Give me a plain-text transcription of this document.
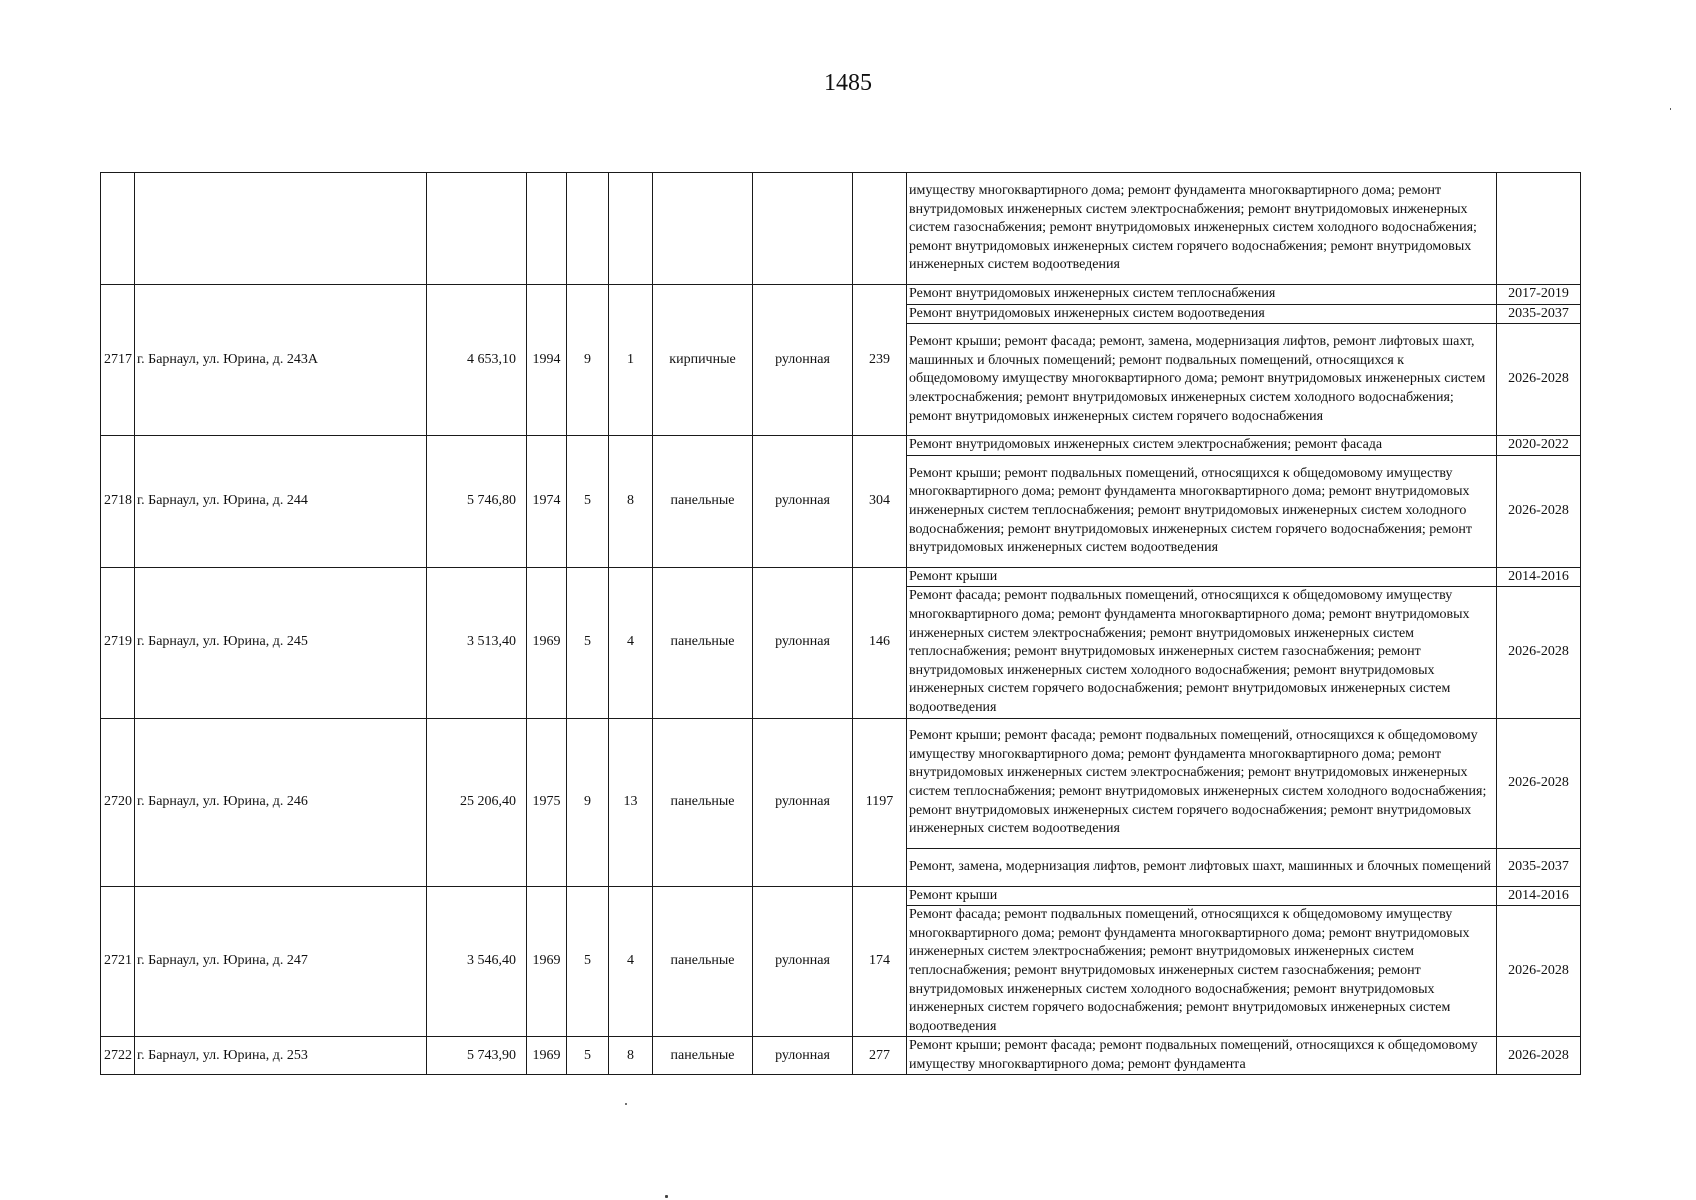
1485
									имуществу многоквартирного дома; ремонт фундамента многоквартирного дома; ремонт внутридомовых инженерных систем электроснабжения; ремонт внутридомовых инженерных систем газоснабжения; ремонт внутридомовых инженерных систем холодного водоснабжения; ремонт внутридомовых инженерных систем горячего водоснабжения; ремонт внутридомовых инженерных систем водоотведения	
2717	г. Барнаул, ул. Юрина, д. 243А	4 653,10	1994	9	1	кирпичные	рулонная	239	Ремонт внутридомовых инженерных систем теплоснабжения	2017-2019
									Ремонт внутридомовых инженерных систем водоотведения	2035-2037
									Ремонт крыши; ремонт фасада; ремонт, замена, модернизация лифтов, ремонт лифтовых шахт, машинных и блочных помещений; ремонт подвальных помещений, относящихся к общедомовому имуществу многоквартирного дома; ремонт внутридомовых инженерных систем электроснабжения; ремонт внутридомовых инженерных систем холодного водоснабжения; ремонт внутридомовых инженерных систем горячего водоснабжения	2026-2028
2718	г. Барнаул, ул. Юрина, д. 244	5 746,80	1974	5	8	панельные	рулонная	304	Ремонт внутридомовых инженерных систем электроснабжения; ремонт фасада	2020-2022
									Ремонт крыши; ремонт подвальных помещений, относящихся к общедомовому имуществу многоквартирного дома; ремонт фундамента многоквартирного дома; ремонт внутридомовых инженерных систем теплоснабжения; ремонт внутридомовых инженерных систем холодного водоснабжения; ремонт внутридомовых инженерных систем горячего водоснабжения; ремонт внутридомовых инженерных систем водоотведения	2026-2028
2719	г. Барнаул, ул. Юрина, д. 245	3 513,40	1969	5	4	панельные	рулонная	146	Ремонт крыши	2014-2016
									Ремонт фасада; ремонт подвальных помещений, относящихся к общедомовому имуществу многоквартирного дома; ремонт фундамента многоквартирного дома; ремонт внутридомовых инженерных систем электроснабжения; ремонт внутридомовых инженерных систем теплоснабжения; ремонт внутридомовых инженерных систем газоснабжения; ремонт внутридомовых инженерных систем холодного водоснабжения; ремонт внутридомовых инженерных систем горячего водоснабжения; ремонт внутридомовых инженерных систем водоотведения	2026-2028
2720	г. Барнаул, ул. Юрина, д. 246	25 206,40	1975	9	13	панельные	рулонная	1197	Ремонт крыши; ремонт фасада; ремонт подвальных помещений, относящихся к общедомовому имуществу многоквартирного дома; ремонт фундамента многоквартирного дома; ремонт внутридомовых инженерных систем электроснабжения; ремонт внутридомовых инженерных систем теплоснабжения; ремонт внутридомовых инженерных систем холодного водоснабжения; ремонт внутридомовых инженерных систем горячего водоснабжения; ремонт внутридомовых инженерных систем водоотведения	2026-2028
									Ремонт, замена, модернизация лифтов, ремонт лифтовых шахт, машинных и блочных помещений	2035-2037
2721	г. Барнаул, ул. Юрина, д. 247	3 546,40	1969	5	4	панельные	рулонная	174	Ремонт крыши	2014-2016
									Ремонт фасада; ремонт подвальных помещений, относящихся к общедомовому имуществу многоквартирного дома; ремонт фундамента многоквартирного дома; ремонт внутридомовых инженерных систем электроснабжения; ремонт внутридомовых инженерных систем теплоснабжения; ремонт внутридомовых инженерных систем газоснабжения; ремонт внутридомовых инженерных систем холодного водоснабжения; ремонт внутридомовых инженерных систем горячего водоснабжения; ремонт внутридомовых инженерных систем водоотведения	2026-2028
2722	г. Барнаул, ул. Юрина, д. 253	5 743,90	1969	5	8	панельные	рулонная	277	Ремонт крыши; ремонт фасада; ремонт подвальных помещений, относящихся к общедомовому имуществу многоквартирного дома; ремонт фундамента	2026-2028
